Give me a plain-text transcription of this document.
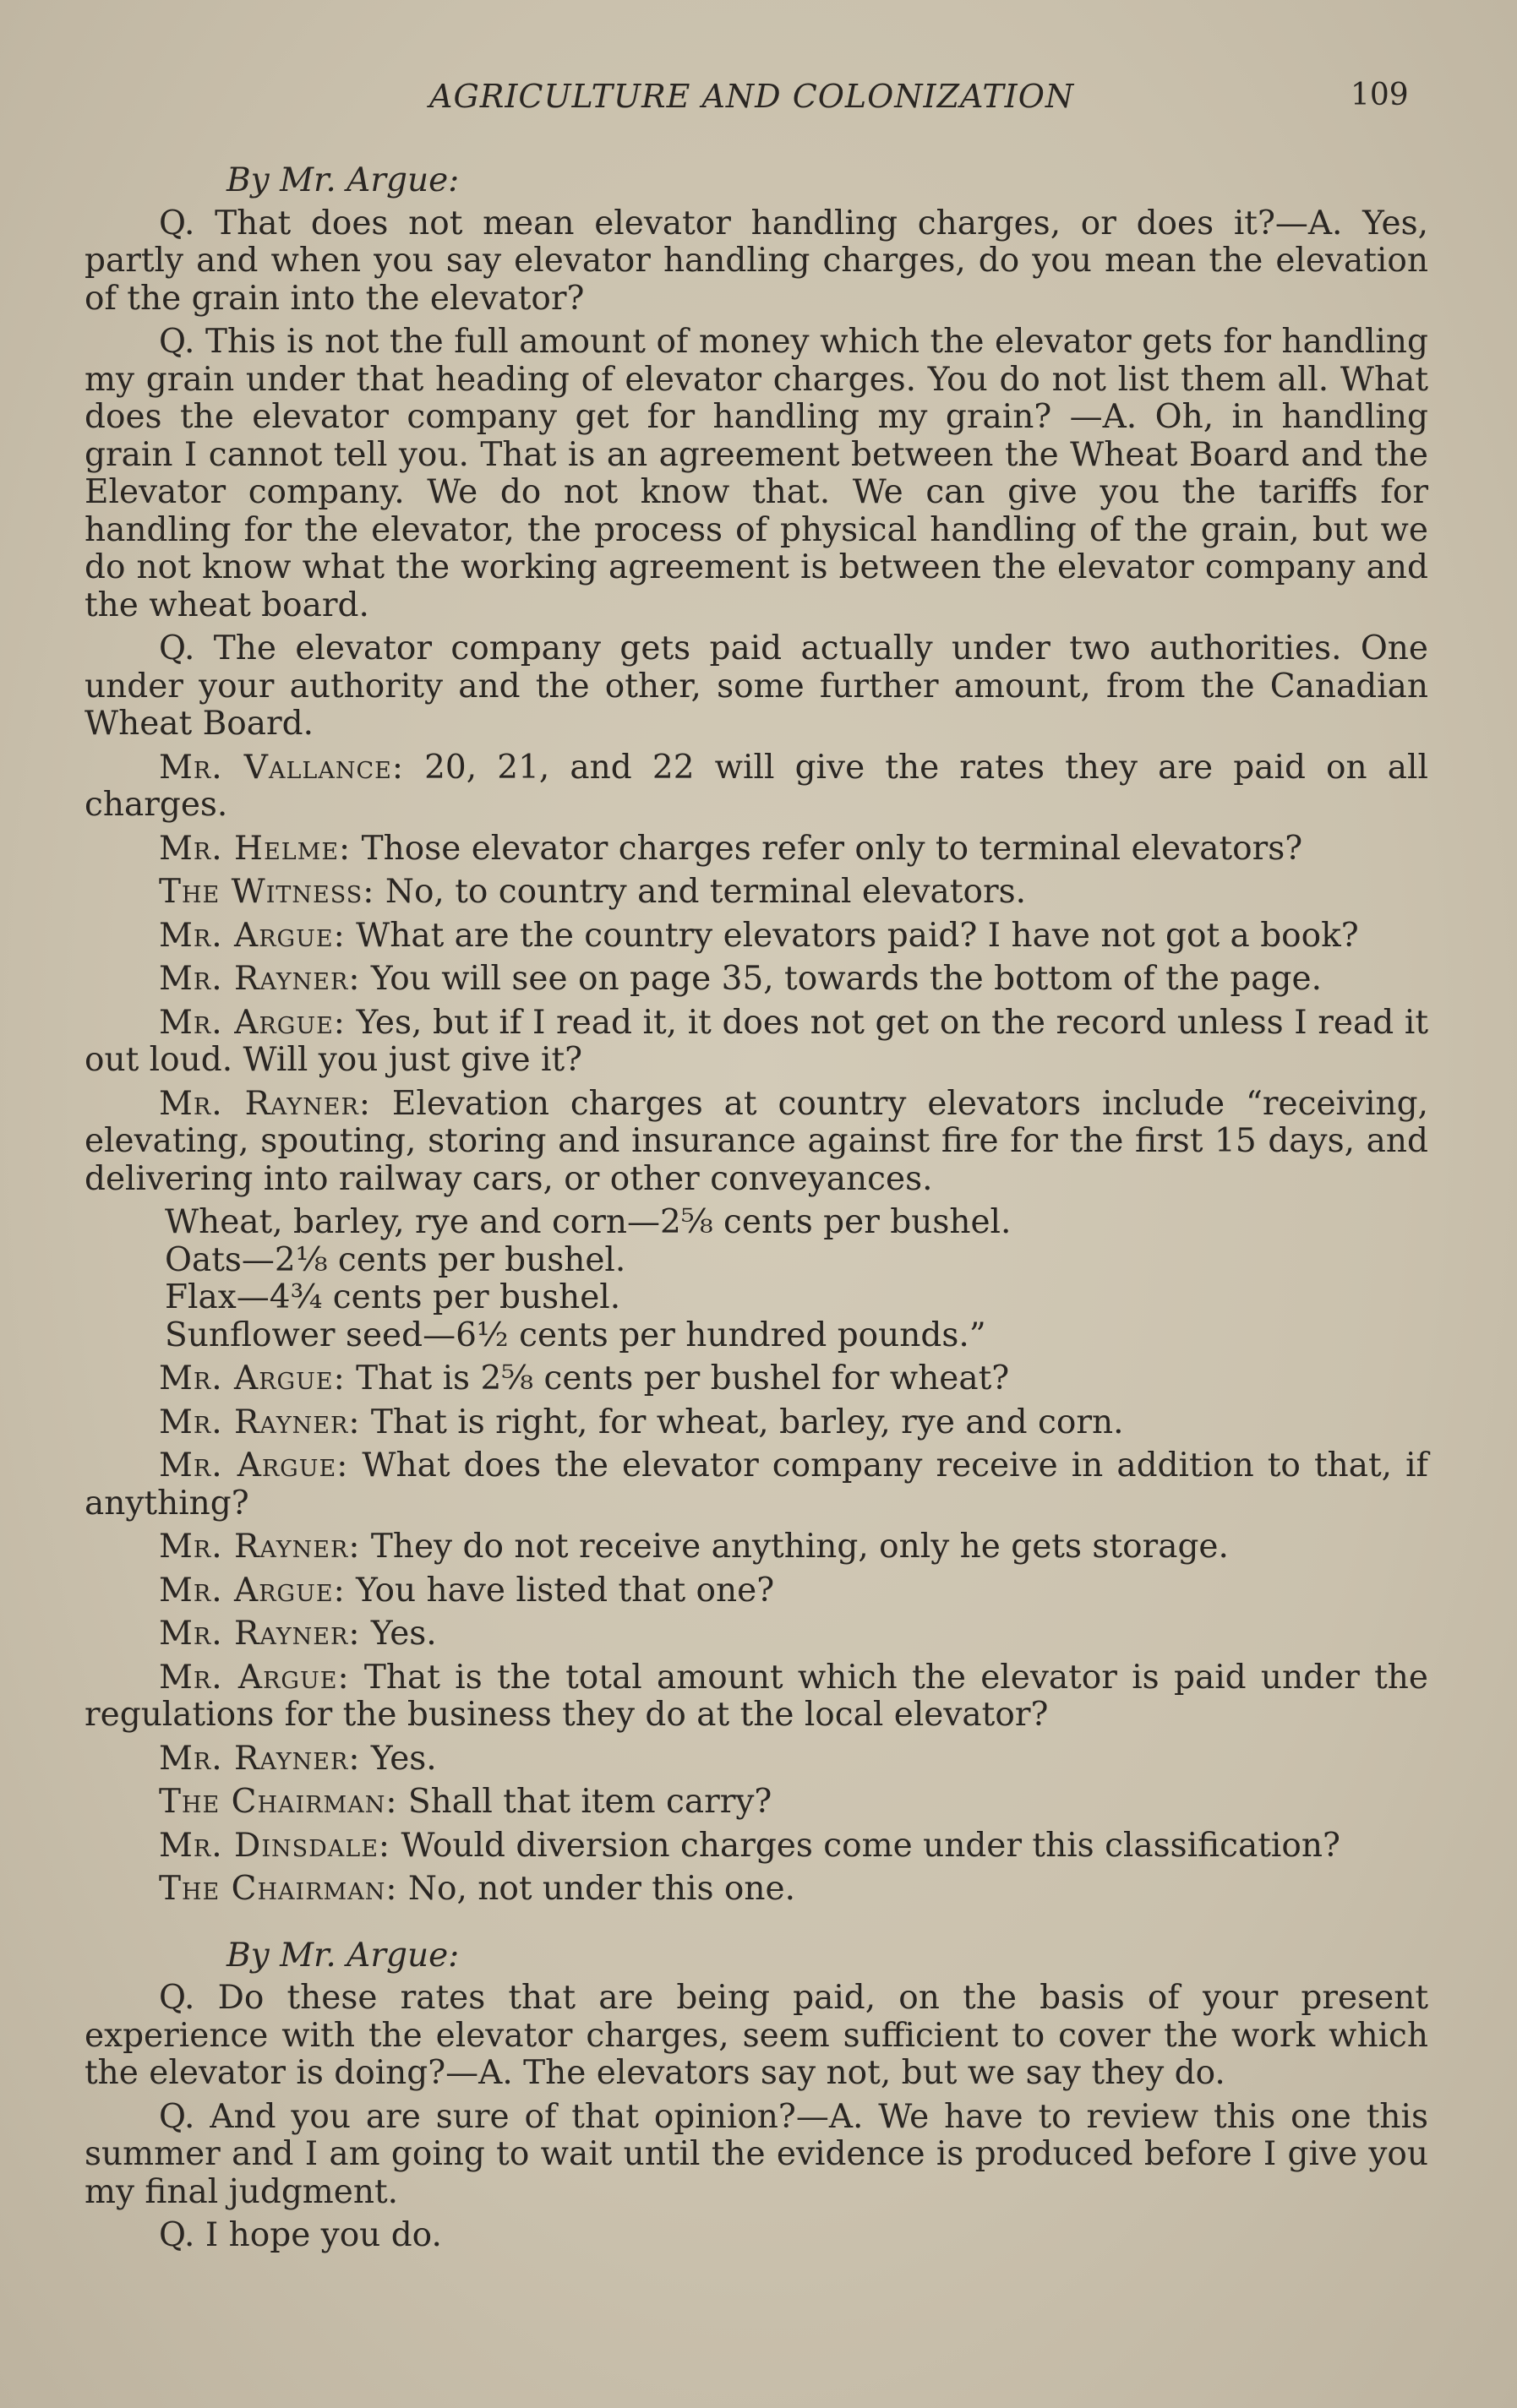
AGRICULTURE AND COLONIZATION	109

By Mr. Argue:

Q. That does not mean elevator handling charges, or does it?—A. Yes, partly and when you say elevator handling charges, do you mean the elevation of the grain into the elevator?

Q. This is not the full amount of money which the elevator gets for handling my grain under that heading of elevator charges. You do not list them all. What does the elevator company get for handling my grain? —A. Oh, in handling grain I cannot tell you. That is an agreement between the Wheat Board and the Elevator company. We do not know that. We can give you the tariffs for handling for the elevator, the process of physical handling of the grain, but we do not know what the working agreement is between the elevator company and the wheat board.

Q. The elevator company gets paid actually under two authorities. One under your authority and the other, some further amount, from the Canadian Wheat Board.

Mr. Vallance: 20, 21, and 22 will give the rates they are paid on all charges.

Mr. Helme: Those elevator charges refer only to terminal elevators?

The Witness: No, to country and terminal elevators.

Mr. Argue: What are the country elevators paid? I have not got a book?

Mr. Rayner: You will see on page 35, towards the bottom of the page.

Mr. Argue: Yes, but if I read it, it does not get on the record unless I read it out loud. Will you just give it?

Mr. Rayner: Elevation charges at country elevators include “receiving, elevating, spouting, storing and insurance against fire for the first 15 days, and delivering into railway cars, or other conveyances.

Wheat, barley, rye and corn—2⅝ cents per bushel.

Oats—2⅛ cents per bushel.

Flax—4¾ cents per bushel.

Sunflower seed—6½ cents per hundred pounds.”

Mr. Argue: That is 2⅝ cents per bushel for wheat?

Mr. Rayner: That is right, for wheat, barley, rye and corn.

Mr. Argue: What does the elevator company receive in addition to that, if anything?

Mr. Rayner: They do not receive anything, only he gets storage.

Mr. Argue: You have listed that one?

Mr. Rayner: Yes.

Mr. Argue: That is the total amount which the elevator is paid under the regulations for the business they do at the local elevator?

Mr. Rayner: Yes.

The Chairman: Shall that item carry?

Mr. Dinsdale: Would diversion charges come under this classification?

The Chairman: No, not under this one.

By Mr. Argue:

Q. Do these rates that are being paid, on the basis of your present experience with the elevator charges, seem sufficient to cover the work which the elevator is doing?—A. The elevators say not, but we say they do.

Q. And you are sure of that opinion?—A. We have to review this one this summer and I am going to wait until the evidence is produced before I give you my final judgment.

Q. I hope you do.
